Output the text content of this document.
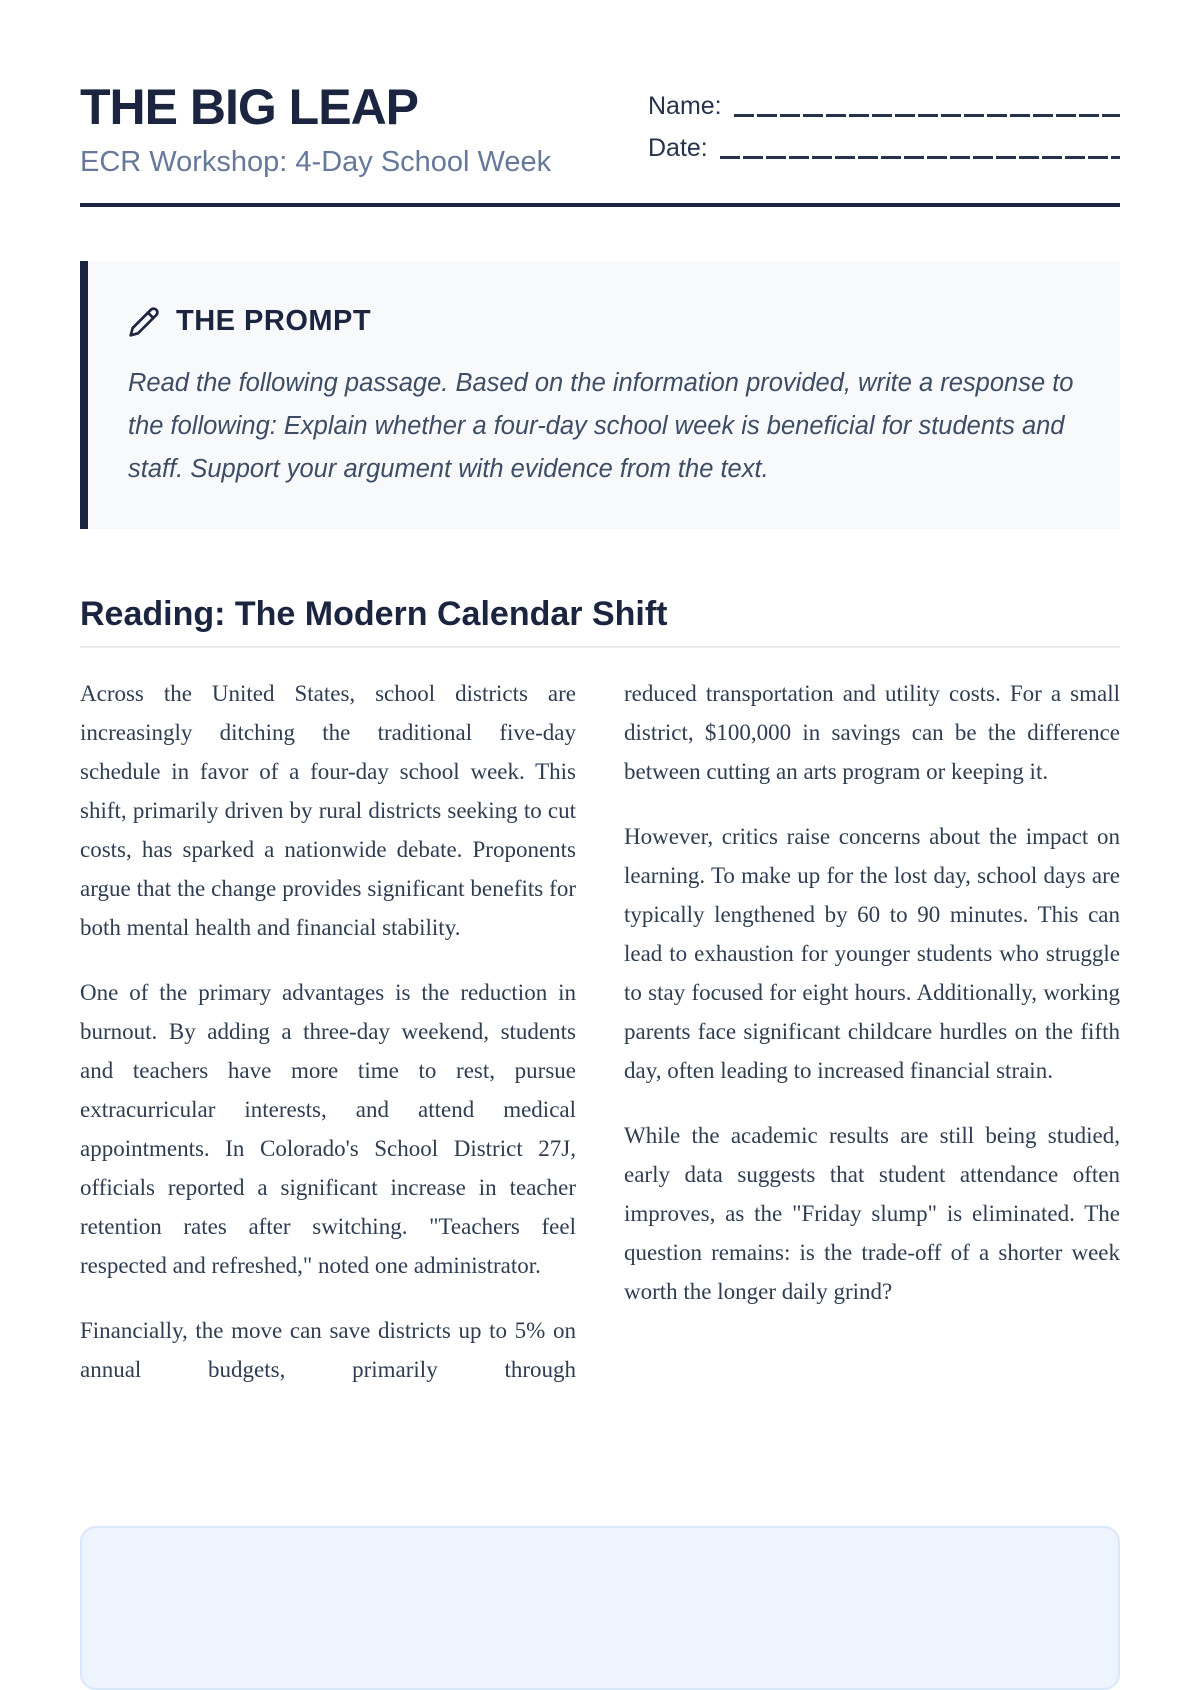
THE BIG LEAP
ECR Workshop: 4-Day School Week
Name:
Date:
THE PROMPT

Read the following passage. Based on the information provided, write a response to the following: Explain whether a four-day school week is beneficial for students and staff. Support your argument with evidence from the text.

Reading: The Modern Calendar Shift

Across the United States, school districts are increasingly ditching the traditional five-day schedule in favor of a four-day school week. This shift, primarily driven by rural districts seeking to cut costs, has sparked a nationwide debate. Proponents argue that the change provides significant benefits for both mental health and financial stability.

One of the primary advantages is the reduction in burnout. By adding a three-day weekend, students and teachers have more time to rest, pursue extracurricular interests, and attend medical appointments. In Colorado's School District 27J, officials reported a significant increase in teacher retention rates after switching. "Teachers feel respected and refreshed," noted one administrator.

Financially, the move can save districts up to 5% on annual budgets, primarily through

reduced transportation and utility costs. For a small district, $100,000 in savings can be the difference between cutting an arts program or keeping it.

However, critics raise concerns about the impact on learning. To make up for the lost day, school days are typically lengthened by 60 to 90 minutes. This can lead to exhaustion for younger students who struggle to stay focused for eight hours. Additionally, working parents face significant childcare hurdles on the fifth day, often leading to increased financial strain.

While the academic results are still being studied, early data suggests that student attendance often improves, as the "Friday slump" is eliminated. The question remains: is the trade-off of a shorter week worth the longer daily grind?
